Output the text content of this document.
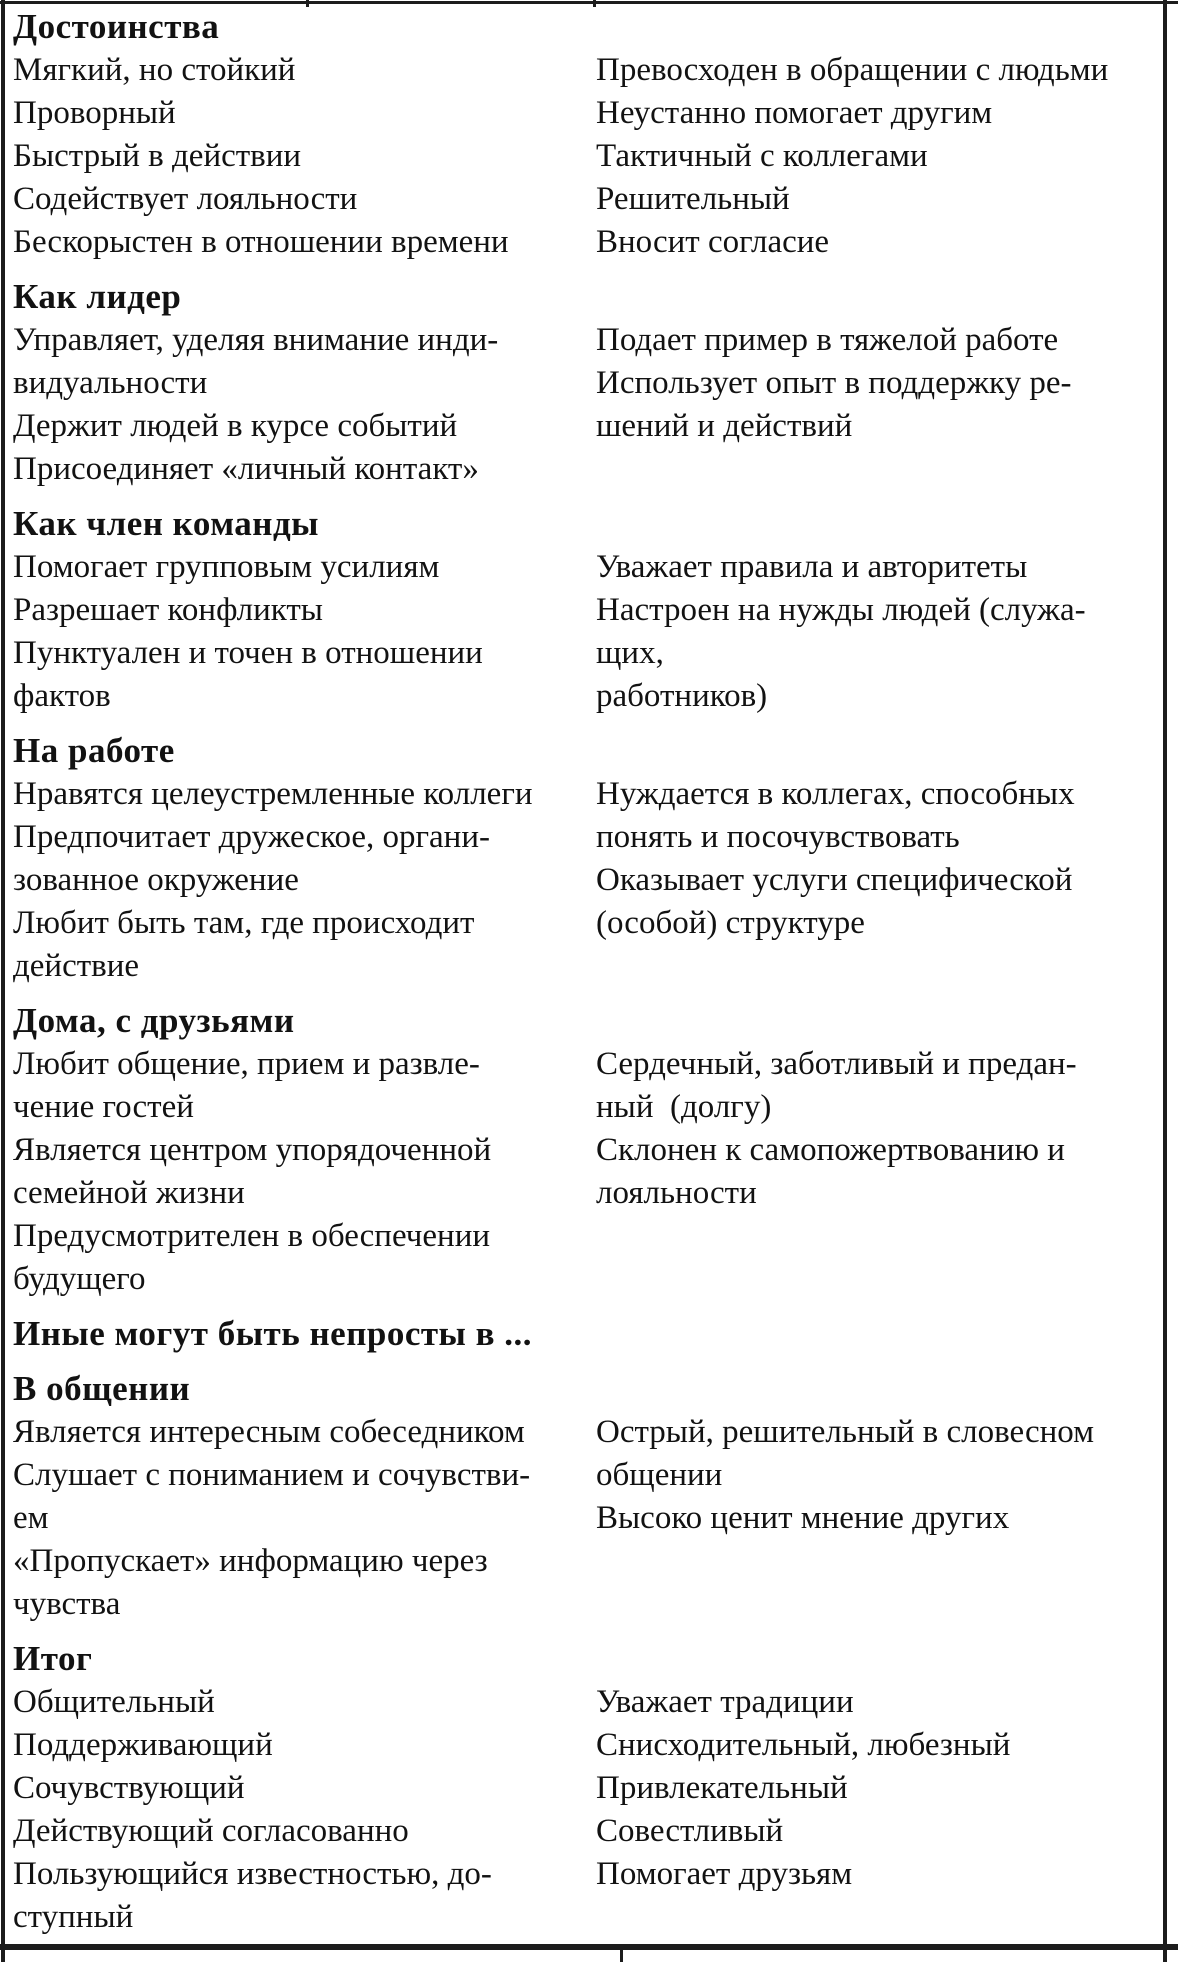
Достоинства
Мягкий, но стойкий
Проворный
Быстрый в действии
Содействует лояльности
Бескорыстен в отношении времени
Превосходен в обращении с людьми
Неустанно помогает другим
Тактичный с коллегами
Решительный
Вносит согласие
Как лидер
Управляет, уделяя внимание инди-
видуальности
Держит людей в курсе событий
Присоединяет «личный контакт»
Подает пример в тяжелой работе
Использует опыт в поддержку ре-
шений и действий
Как член команды
Помогает групповым усилиям
Разрешает конфликты
Пунктуален и точен в отношении
фактов
Уважает правила и авторитеты
Настроен на нужды людей (служа-
щих,
работников)
На работе
Нравятся целеустремленные коллеги
Предпочитает дружеское, органи-
зованное окружение
Любит быть там, где происходит
действие
Нуждается в коллегах, способных
понять и посочувствовать
Оказывает услуги специфической
(особой) структуре
Дома, с друзьями
Любит общение, прием и развле-
чение гостей
Является центром упорядоченной
семейной жизни
Предусмотрителен в обеспечении
будущего
Сердечный, заботливый и предан-
ный  (долгу)
Склонен к самопожертвованию и
лояльности
Иные могут быть непросты в ...
В общении
Является интересным собеседником
Слушает с пониманием и сочувстви-
ем
«Пропускает» информацию через
чувства
Острый, решительный в словесном
общении
Высоко ценит мнение других
Итог
Общительный
Поддерживающий
Сочувствующий
Действующий согласованно
Пользующийся известностью, до-
ступный
Уважает традиции
Снисходительный, любезный
Привлекательный
Совестливый
Помогает друзьям
